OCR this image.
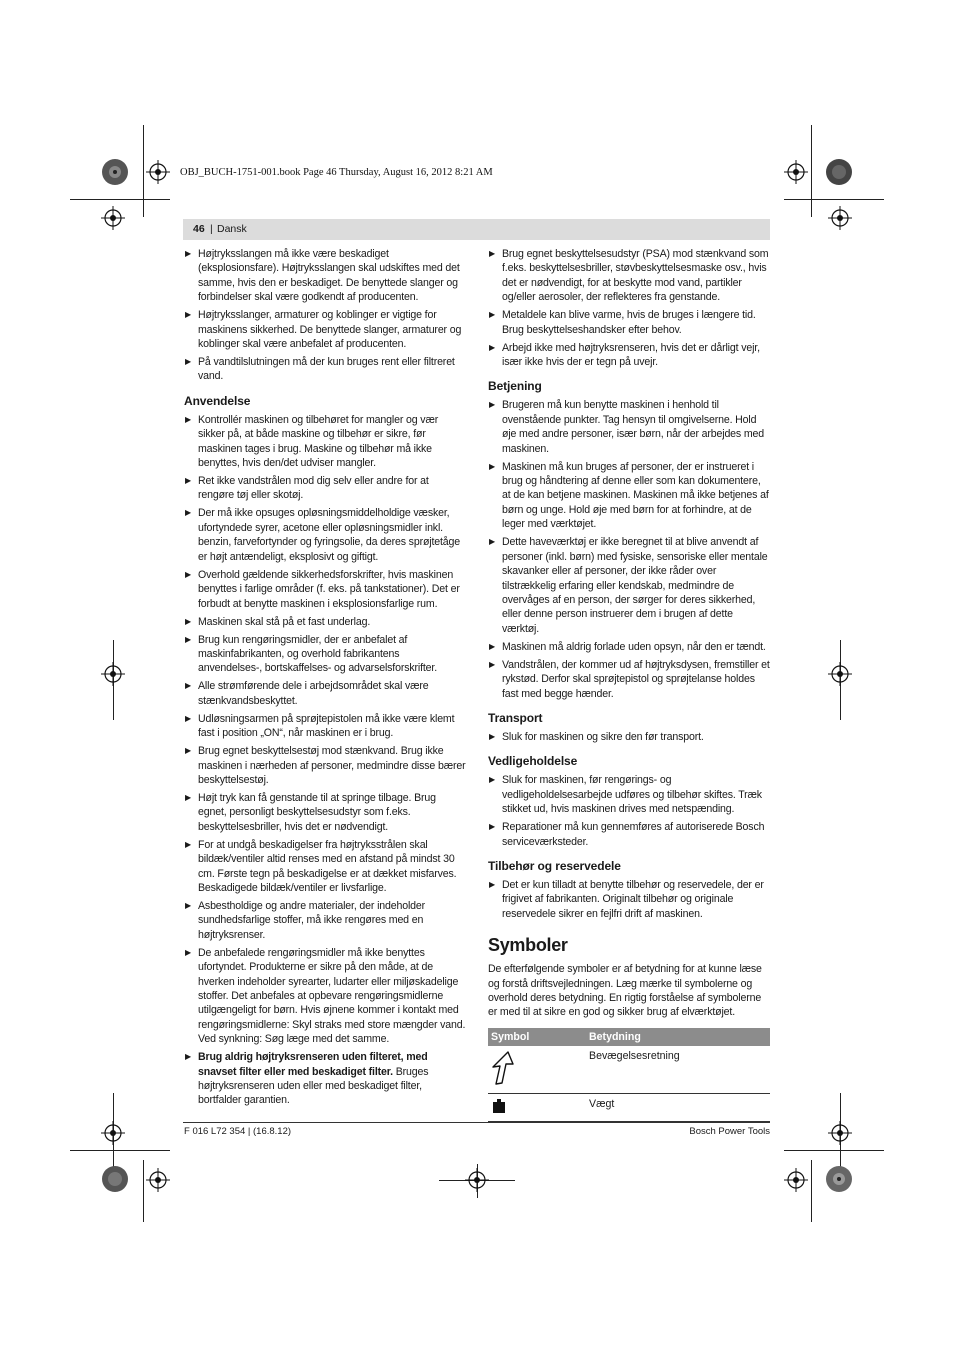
OBJ_BUCH-1751-001.book Page 46 Thursday, August 16, 2012 8:21 AM
46 | Dansk
▶ Højtryksslangen må ikke være beskadiget (eksplosionsfare). Højtryksslangen skal udskiftes med det samme, hvis den er beskadiget. De benyttede slanger og forbindelser skal være godkendt af producenten.
▶ Højtryksslanger, armaturer og koblinger er vigtige for maskinens sikkerhed. De benyttede slanger, armaturer og koblinger skal være anbefalet af producenten.
▶ På vandtilslutningen må der kun bruges rent eller filtreret vand.
Anvendelse
▶ Kontrollér maskinen og tilbehøret for mangler og vær sikker på, at både maskine og tilbehør er sikre, før maskinen tages i brug. Maskine og tilbehør må ikke benyttes, hvis den/det udviser mangler.
▶ Ret ikke vandstrålen mod dig selv eller andre for at rengøre tøj eller skotøj.
▶ Der må ikke opsuges opløsningsmiddelholdige væsker, ufortyndede syrer, acetone eller opløsningsmidler inkl. benzin, farvefortynder og fyringsolie, da deres sprøjtetåge er højt antændeligt, eksplosivt og giftigt.
▶ Overhold gældende sikkerhedsforskrifter, hvis maskinen benyttes i farlige områder (f. eks. på tankstationer). Det er forbudt at benytte maskinen i eksplosionsfarlige rum.
▶ Maskinen skal stå på et fast underlag.
▶ Brug kun rengøringsmidler, der er anbefalet af maskinfabrikanten, og overhold fabrikantens anvendelses-, bortskaffelses- og advarselsforskrifter.
▶ Alle strømførende dele i arbejdsområdet skal være stænkvandsbeskyttet.
▶ Udløsningsarmen på sprøjtepistolen må ikke være klemt fast i position „ON“, når maskinen er i brug.
▶ Brug egnet beskyttelsestøj mod stænkvand. Brug ikke maskinen i nærheden af personer, medmindre disse bærer beskyttelsestøj.
▶ Højt tryk kan få genstande til at springe tilbage. Brug egnet, personligt beskyttelsesudstyr som f.eks. beskyttelsesbriller, hvis det er nødvendigt.
▶ For at undgå beskadigelser fra højtryksstrålen skal bildæk/ventiler altid renses med en afstand på mindst 30 cm. Første tegn på beskadigelse er at dækket misfarves. Beskadigede bildæk/ventiler er livsfarlige.
▶ Asbestholdige og andre materialer, der indeholder sundhedsfarlige stoffer, må ikke rengøres med en højtryksrenser.
▶ De anbefalede rengøringsmidler må ikke benyttes ufortyndet. Produkterne er sikre på den måde, at de hverken indeholder syrearter, ludarter eller miljøskadelige stoffer. Det anbefales at opbevare rengøringsmidlerne utilgængeligt for børn. Hvis øjnene kommer i kontakt med rengøringsmidlerne: Skyl straks med store mængder vand. Ved synkning: Søg læge med det samme.
▶ Brug aldrig højtryksrenseren uden filteret, med snavset filter eller med beskadiget filter. Bruges højtryksrenseren uden eller med beskadiget filter, bortfalder garantien.
▶ Brug egnet beskyttelsesudstyr (PSA) mod stænkvand som f.eks. beskyttelsesbriller, støvbeskyttelsesmaske osv., hvis det er nødvendigt, for at beskytte mod vand, partikler og/eller aerosoler, der reflekteres fra genstande.
▶ Metaldele kan blive varme, hvis de bruges i længere tid. Brug beskyttelseshandsker efter behov.
▶ Arbejd ikke med højtryksrenseren, hvis det er dårligt vejr, især ikke hvis der er tegn på uvejr.
Betjening
▶ Brugeren må kun benytte maskinen i henhold til ovenstående punkter. Tag hensyn til omgivelserne. Hold øje med andre personer, især børn, når der arbejdes med maskinen.
▶ Maskinen må kun bruges af personer, der er instrueret i brug og håndtering af denne eller som kan dokumentere, at de kan betjene maskinen. Maskinen må ikke betjenes af børn og unge. Hold øje med børn for at forhindre, at de leger med værktøjet.
▶ Dette haveværktøj er ikke beregnet til at blive anvendt af personer (inkl. børn) med fysiske, sensoriske eller mentale skavanker eller af personer, der ikke råder over tilstrækkelig erfaring eller kendskab, medmindre de overvåges af en person, der sørger for deres sikkerhed, eller denne person instruerer dem i brugen af dette værktøj.
▶ Maskinen må aldrig forlade uden opsyn, når den er tændt.
▶ Vandstrålen, der kommer ud af højtryksdysen, fremstiller et rykstød. Derfor skal sprøjtepistol og sprøjtelanse holdes fast med begge hænder.
Transport
▶ Sluk for maskinen og sikre den før transport.
Vedligeholdelse
▶ Sluk for maskinen, før rengørings- og vedligeholdelsesarbejde udføres og tilbehør skiftes. Træk stikket ud, hvis maskinen drives med netspænding.
▶ Reparationer må kun gennemføres af autoriserede Bosch serviceværksteder.
Tilbehør og reservedele
▶ Det er kun tilladt at benytte tilbehør og reservedele, der er frigivet af fabrikanten. Originalt tilbehør og originale reservedele sikrer en fejlfri drift af maskinen.
Symboler

De efterfølgende symboler er af betydning for at kunne læse og forstå driftsvejledningen. Læg mærke til symbolerne og overhold deres betydning. En rigtig forståelse af symbolerne er med til at sikre en god og sikker brug af elværktøjet.

Symbol	Betydning
	Bevægelsesretning
	Vægt
F 016 L72 354 | (16.8.12)	Bosch Power Tools
